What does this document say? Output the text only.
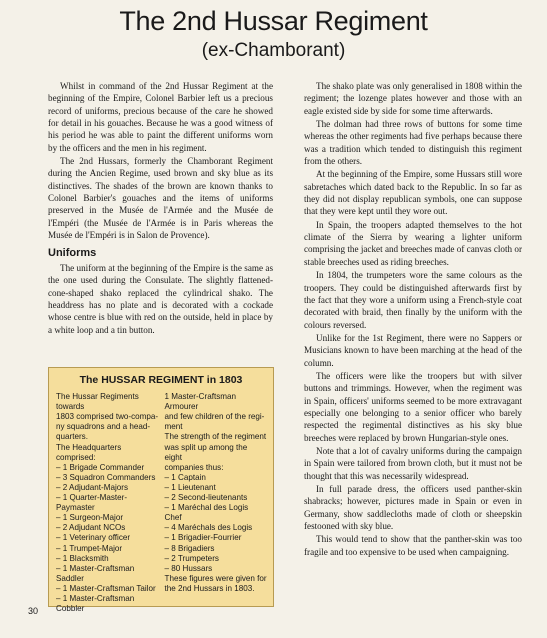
The 2nd Hussar Regiment
(ex-Chamborant)

Whilst in command of the 2nd Hussar Regiment at the beginning of the Empire, Colonel Barbier left us a precious record of uniforms, precious because of the care he showed for detail in his gouaches. Because he was a good witness of his period he was able to paint the different uniforms worn by the officers and the men in his regiment.

The 2nd Hussars, formerly the Chamborant Regiment during the Ancien Regime, used brown and sky blue as its distinctives. The shades of the brown are known thanks to Colonel Barbier's gouaches and the items of uniforms preserved in the Musée de l'Armée and the Musée de l'Empéri (the Musée de l'Armée is in Paris whereas the Musée de l'Empéri is in Salon de Provence).

Uniforms

The uniform at the beginning of the Empire is the same as the one used during the Consulate. The slightly flattened-cone-shaped shako replaced the cylindrical shako. The headdress has no plate and is decorated with a cockade whose centre is blue with red on the outside, held in place by a white loop and a tin button.

The HUSSAR REGIMENT in 1803
The Hussar Regiments towards
1803 comprised two-compa-
ny squadrons and a head-
quarters.
The Headquarters comprised:
– 1 Brigade Commander
– 3 Squadron Commanders
– 2 Adjudant-Majors
– 1 Quarter-Master-Paymaster
– 1 Surgeon-Major
– 2 Adjudant NCOs
– 1 Veterinary officer
– 1 Trumpet-Major
– 1 Blacksmith
– 1 Master-Craftsman Saddler
– 1 Master-Craftsman Tailor
– 1 Master-Craftsman Cobbler
1 Master-Craftsman Armourer
and few children of the regi-
ment
The strength of the regiment
was split up among the eight
companies thus:
– 1 Captain
– 1 Lieutenant
– 2 Second-lieutenants
– 1 Maréchal des Logis Chef
– 4 Maréchals des Logis
– 1 Brigadier-Fourrier
– 8 Brigadiers
– 2 Trumpeters
– 80 Hussars
These figures were given for
the 2nd Hussars in 1803.

The shako plate was only generalised in 1808 within the regiment; the lozenge plates however and those with an eagle existed side by side for some time afterwards.

The dolman had three rows of buttons for some time whereas the other regiments had five perhaps because there was a tradition which tended to distinguish this regiment from the others.

At the beginning of the Empire, some Hussars still wore sabretaches which dated back to the Republic. In so far as they did not display republican symbols, one can suppose that they were kept until they wore out.

In Spain, the troopers adapted themselves to the hot climate of the Sierra by wearing a lighter uniform comprising the jacket and breeches made of canvas cloth or stable breeches used as riding breeches.

In 1804, the trumpeters wore the same colours as the troopers. They could be distinguished afterwards first by the fact that they wore a uniform using a French-style coat decorated with braid, then finally by the uniform with the colours reversed.

Unlike for the 1st Regiment, there were no Sappers or Musicians known to have been marching at the head of the column.

The officers were like the troopers but with silver buttons and trimmings. However, when the regiment was in Spain, officers' uniforms seemed to be more extravagant especially one belonging to a senior officer who barely respected the regimental distinctives as his sky blue breeches were replaced by brown Hungarian-style ones.

Note that a lot of cavalry uniforms during the campaign in Spain were tailored from brown cloth, but it must not be thought that this was necessarily widespread.

In full parade dress, the officers used panther-skin shabracks; however, pictures made in Spain or even in Germany, show saddlecloths made of cloth or sheepskin festooned with sky blue.

This would tend to show that the panther-skin was too fragile and too expensive to be used when campaigning.

30
